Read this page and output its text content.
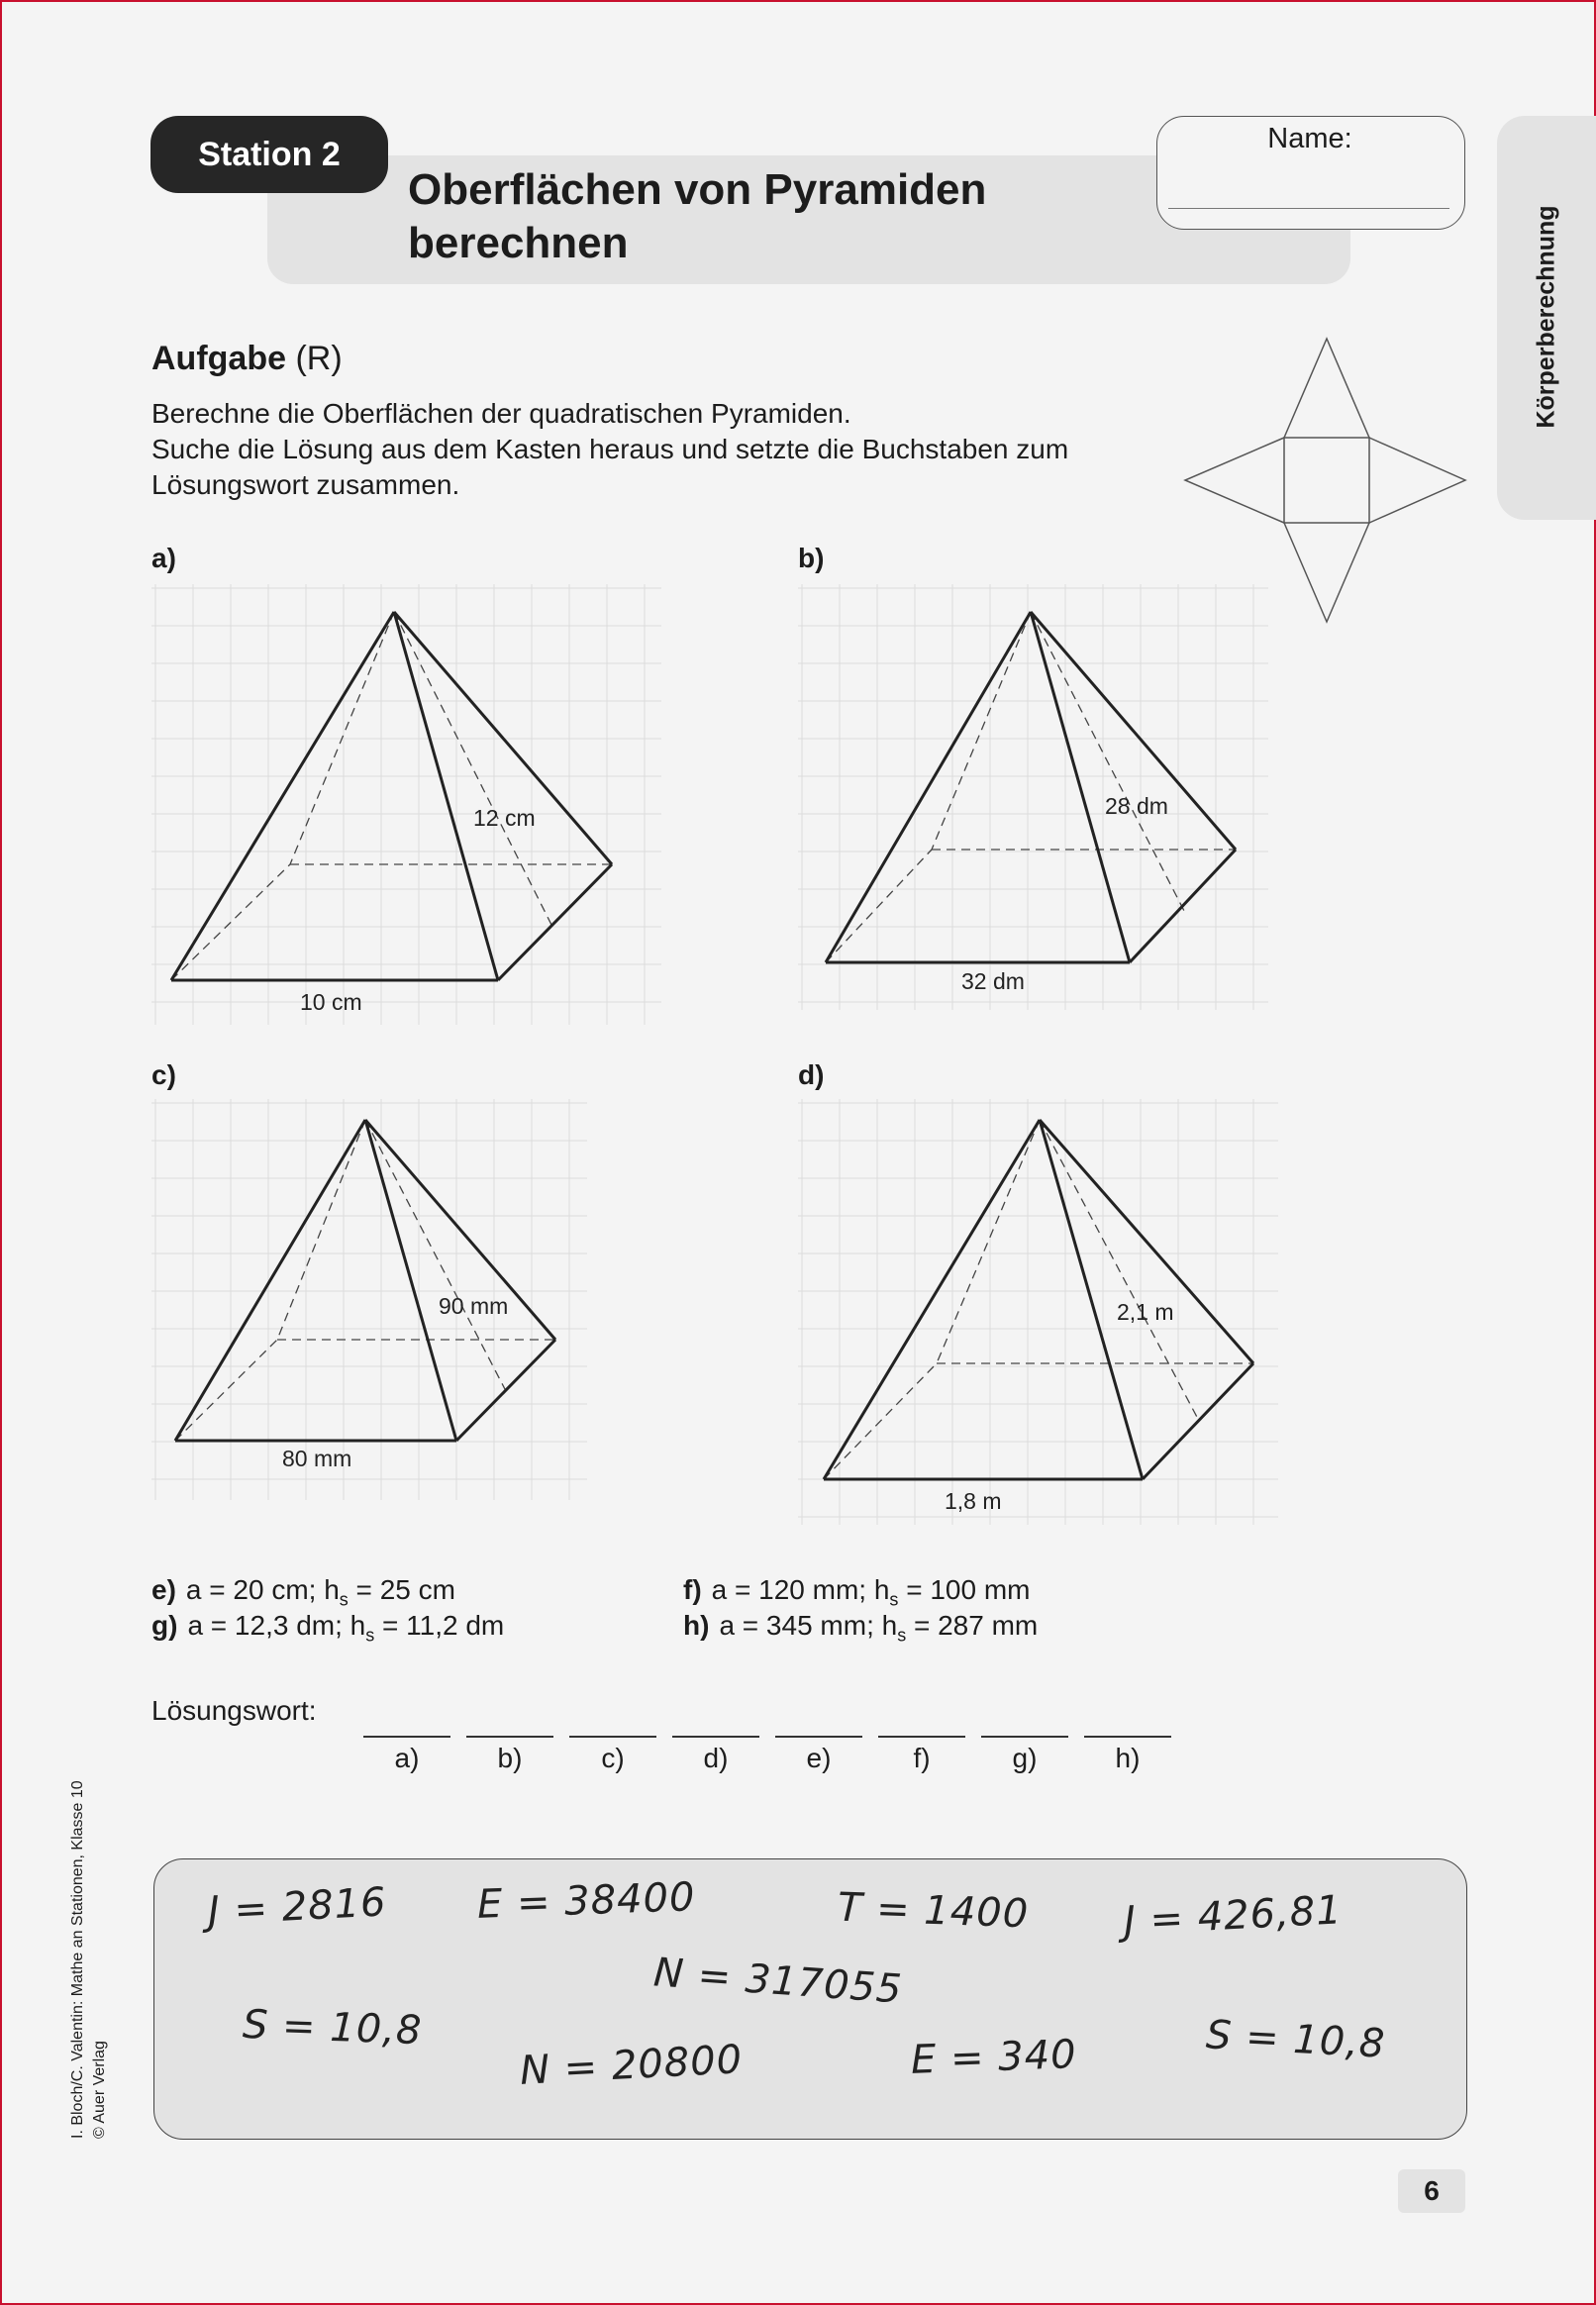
Station 2
Oberflächen von Pyramiden
berechnen
Name:
Körperberechnung
Aufgabe (R)
Berechne die Oberflächen der quadratischen Pyramiden.
Suche die Lösung aus dem Kasten heraus und setzte die Buchstaben zum
Lösungswort zusammen.
a)	b)
c)	d)
12 cm
10 cm
28 dm
32 dm
90 mm
80 mm
2,1 m
1,8 m
e) a = 20 cm; $h_s = 25$ cm	f) a = 120 mm; $h_s = 100$ mm
g) a = 12,3 dm; $h_s = 11,2$ dm	h) a = 345 mm; $h_s = 287$ mm
Lösungswort:
a)	b)	c)	d)	e)	f)	g)	h)
J = 2816 E = 38400	T = 1400 J = 426,81
N = 317055
S = 10,8	S = 10,8
N = 20800	E = 340
I. Bloch/C. Valentin: Mathe an Stationen, Klasse 10 © Auer Verlag
6
